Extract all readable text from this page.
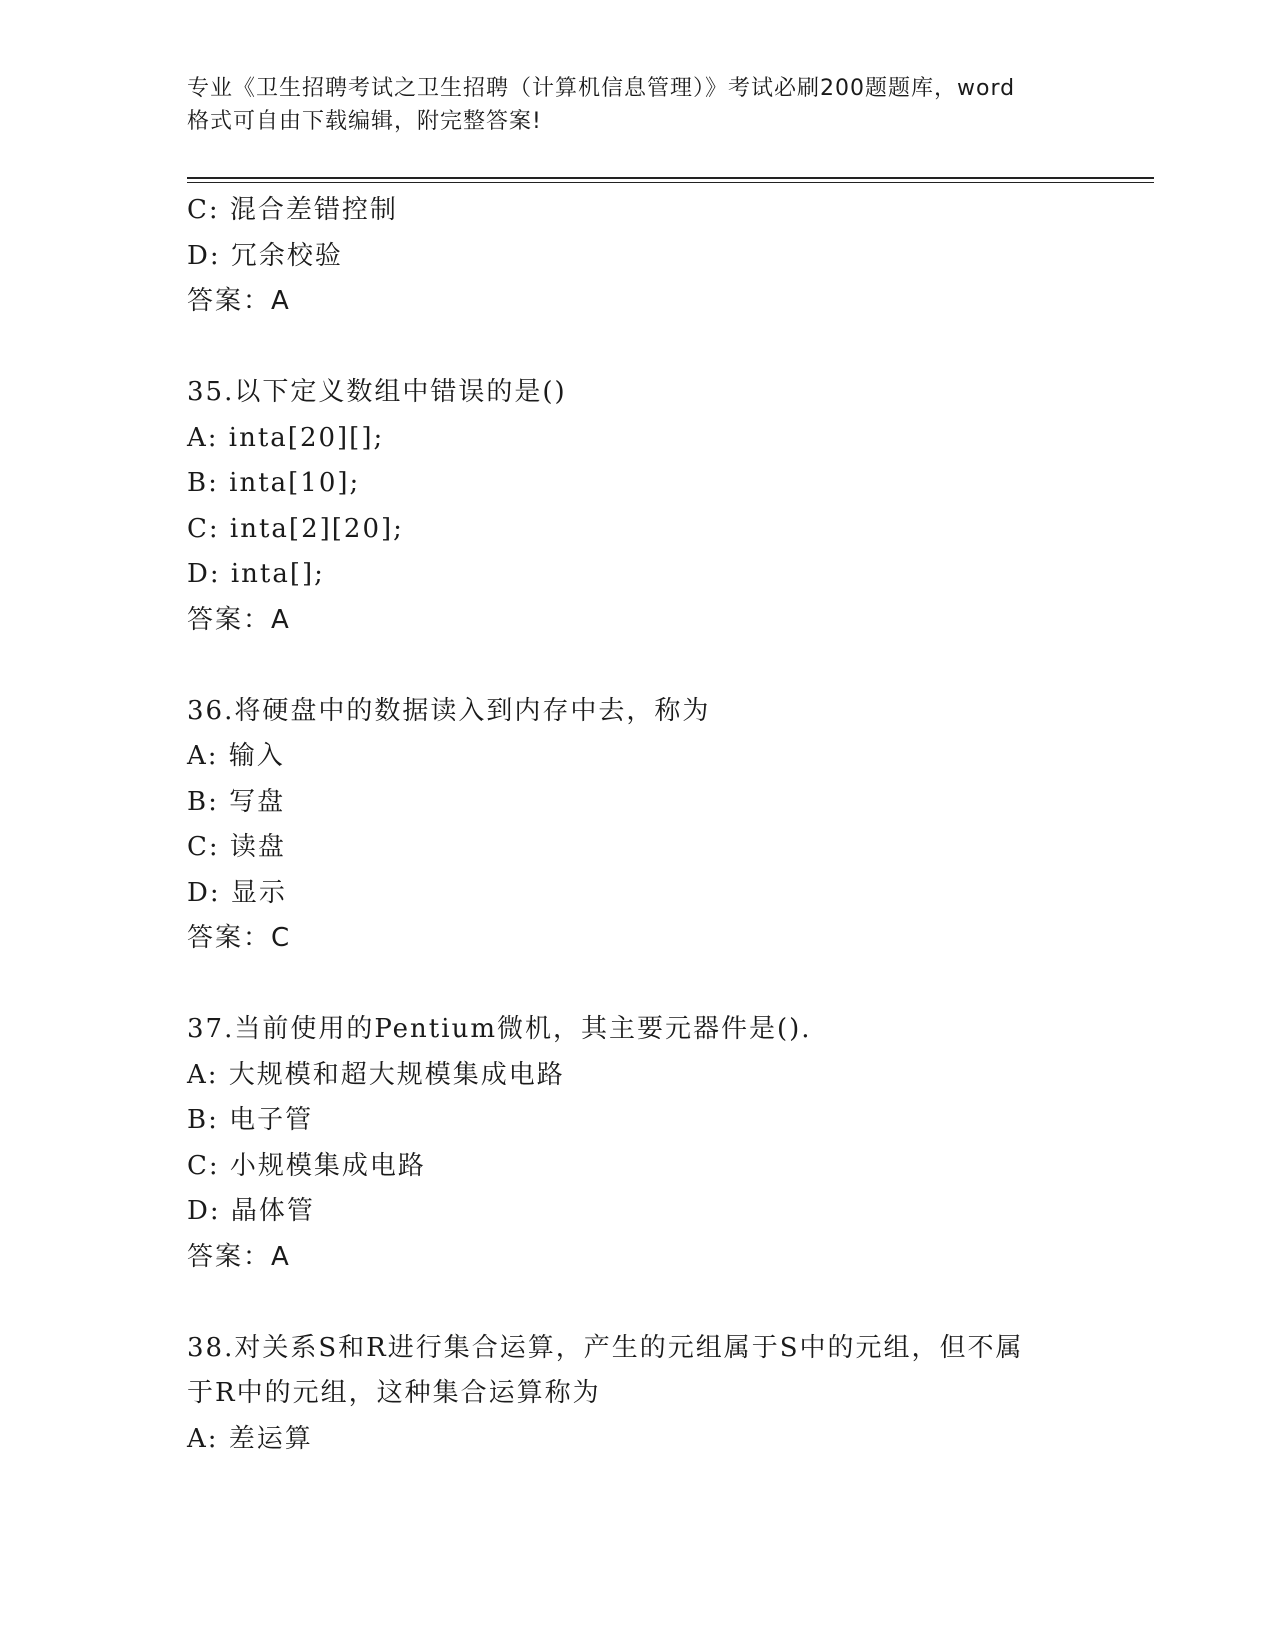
专业《卫生招聘考试之卫生招聘（计算机信息管理）》考试必刷200题题库，word
格式可自由下载编辑，附完整答案!
C: 混合差错控制
D: 冗余校验
答案：A
35.以下定义数组中错误的是()
A: inta[20][];
B: inta[10];
C: inta[2][20];
D: inta[];
答案：A
36.将硬盘中的数据读入到内存中去，称为
A: 输入
B: 写盘
C: 读盘
D: 显示
答案：C
37.当前使用的Pentium微机，其主要元器件是().
A: 大规模和超大规模集成电路
B: 电子管
C: 小规模集成电路
D: 晶体管
答案：A
38.对关系S和R进行集合运算，产生的元组属于S中的元组，但不属
于R中的元组，这种集合运算称为
A: 差运算
